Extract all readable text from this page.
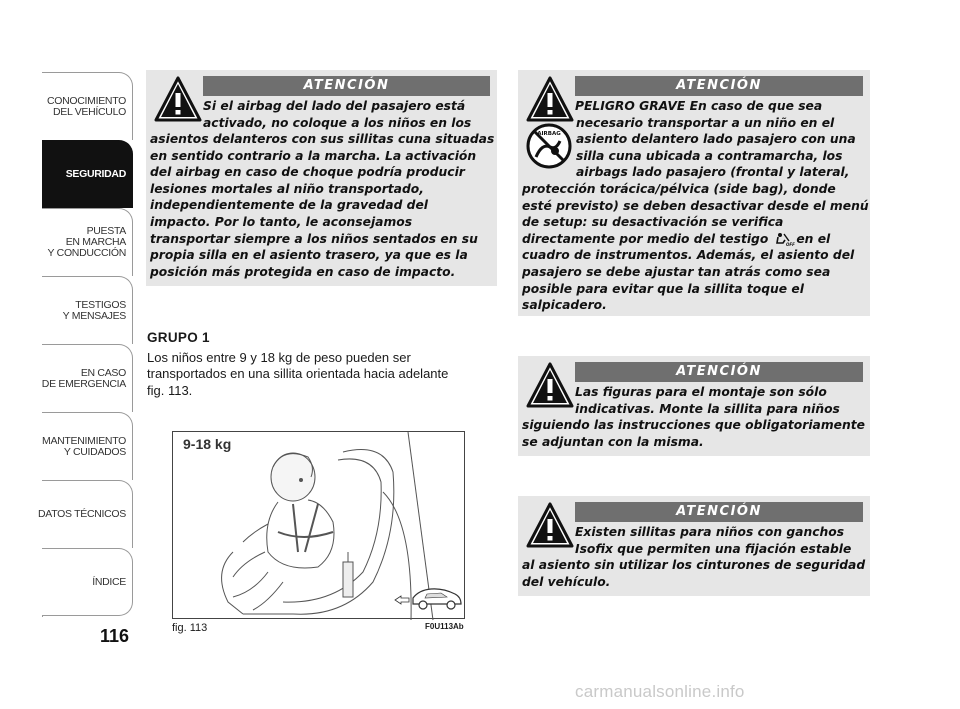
CONOCIMIENTO
DEL VEHÍCULO
SEGURIDAD
PUESTA
EN MARCHA
Y CONDUCCIÓN
TESTIGOS
Y MENSAJES
EN CASO
DE EMERGENCIA
MANTENIMIENTO
Y CUIDADOS
DATOS TÉCNICOS
ÍNDICE
116
ATENCIÓN
Si el airbag del lado del pasajero está
activado, no coloque a los niños en los
asientos delanteros con sus sillitas cuna situadas
en sentido contrario a la marcha. La activación
del airbag en caso de choque podría producir
lesiones mortales al niño transportado,
independientemente de la gravedad del
impacto. Por lo tanto, le aconsejamos
transportar siempre a los niños sentados en su
propia silla en el asiento trasero, ya que es la
posición más protegida en caso de impacto.
AIRBAG
PELIGRO GRAVE En caso de que sea
necesario transportar a un niño en el
asiento delantero lado pasajero con una
silla cuna ubicada a contramarcha, los
airbags lado pasajero (frontal y lateral,
ATENCIÓN
protección torácica/pélvica (side bag), donde
esté previsto) se deben desactivar desde el menú
de setup: su desactivación se verifica
directamente por medio del testigo	OFF en el
cuadro de instrumentos. Además, el asiento del
pasajero se debe ajustar tan atrás como sea
posible para evitar que la sillita toque el
salpicadero.
ATENCIÓN
Las figuras para el montaje son sólo
indicativas. Monte la sillita para niños
siguiendo las instrucciones que obligatoriamente
se adjuntan con la misma.
ATENCIÓN
Existen sillitas para niños con ganchos
Isofix que permiten una fijación estable
al asiento sin utilizar los cinturones de seguridad
del vehículo.
GRUPO 1
Los niños entre 9 y 18 kg de peso pueden ser
transportados en una sillita orientada hacia adelante
fig. 113.
9-18 kg
fig. 113	F0U113Ab
carmanualsonline.info
